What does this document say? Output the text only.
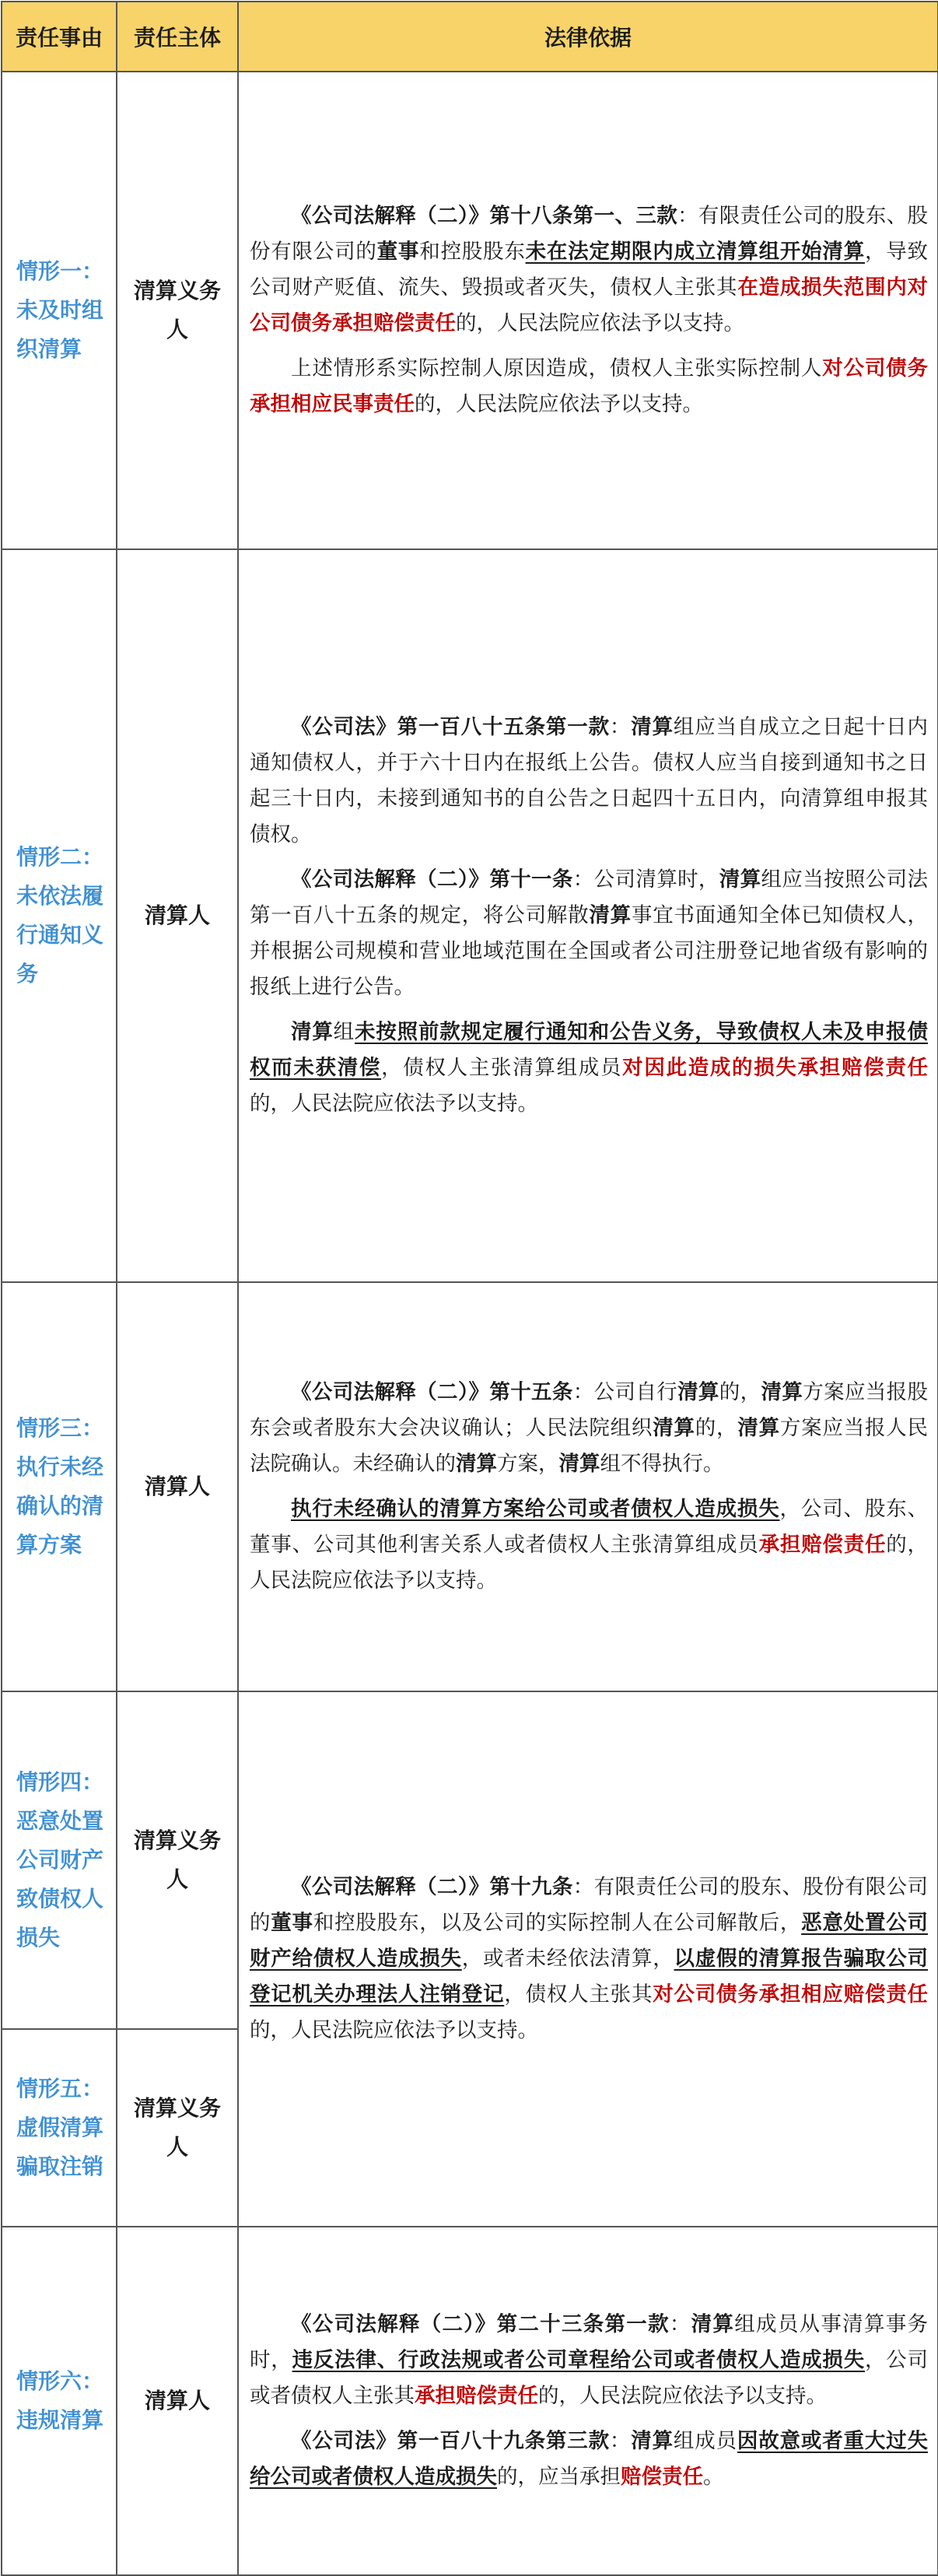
责任事由	责任主体	法律依据
情形一：未及时组织清算	清算义务人	《公司法解释（二）》第十八条第一、三款：有限责任公司的股东、股份有限公司的董事和控股股东未在法定期限内成立清算组开始清算，导致公司财产贬值、流失、毁损或者灭失，债权人主张其在造成损失范围内对公司债务承担赔偿责任的，人民法院应依法予以支持。

上述情形系实际控制人原因造成，债权人主张实际控制人对公司债务承担相应民事责任的，人民法院应依法予以支持。

情形二：未依法履行通知义务	清算人	《公司法》第一百八十五条第一款：清算组应当自成立之日起十日内通知债权人，并于六十日内在报纸上公告。债权人应当自接到通知书之日起三十日内，未接到通知书的自公告之日起四十五日内，向清算组申报其债权。

《公司法解释（二）》第十一条：公司清算时，清算组应当按照公司法第一百八十五条的规定，将公司解散清算事宜书面通知全体已知债权人，并根据公司规模和营业地域范围在全国或者公司注册登记地省级有影响的报纸上进行公告。

清算组未按照前款规定履行通知和公告义务，导致债权人未及申报债权而未获清偿，债权人主张清算组成员对因此造成的损失承担赔偿责任的，人民法院应依法予以支持。

情形三：执行未经确认的清算方案	清算人	《公司法解释（二）》第十五条：公司自行清算的，清算方案应当报股东会或者股东大会决议确认；人民法院组织清算的，清算方案应当报人民法院确认。未经确认的清算方案，清算组不得执行。

执行未经确认的清算方案给公司或者债权人造成损失，公司、股东、董事、公司其他利害关系人或者债权人主张清算组成员承担赔偿责任的，人民法院应依法予以支持。

情形四：恶意处置公司财产致债权人损失	清算义务人	《公司法解释（二）》第十九条：有限责任公司的股东、股份有限公司的董事和控股股东，以及公司的实际控制人在公司解散后，恶意处置公司财产给债权人造成损失，或者未经依法清算，以虚假的清算报告骗取公司登记机关办理法人注销登记，债权人主张其对公司债务承担相应赔偿责任的，人民法院应依法予以支持。

情形五：虚假清算骗取注销	清算义务人	
情形六：违规清算	清算人	《公司法解释（二）》第二十三条第一款：清算组成员从事清算事务时，违反法律、行政法规或者公司章程给公司或者债权人造成损失，公司或者债权人主张其承担赔偿责任的，人民法院应依法予以支持。

《公司法》第一百八十九条第三款：清算组成员因故意或者重大过失给公司或者债权人造成损失的，应当承担赔偿责任。
